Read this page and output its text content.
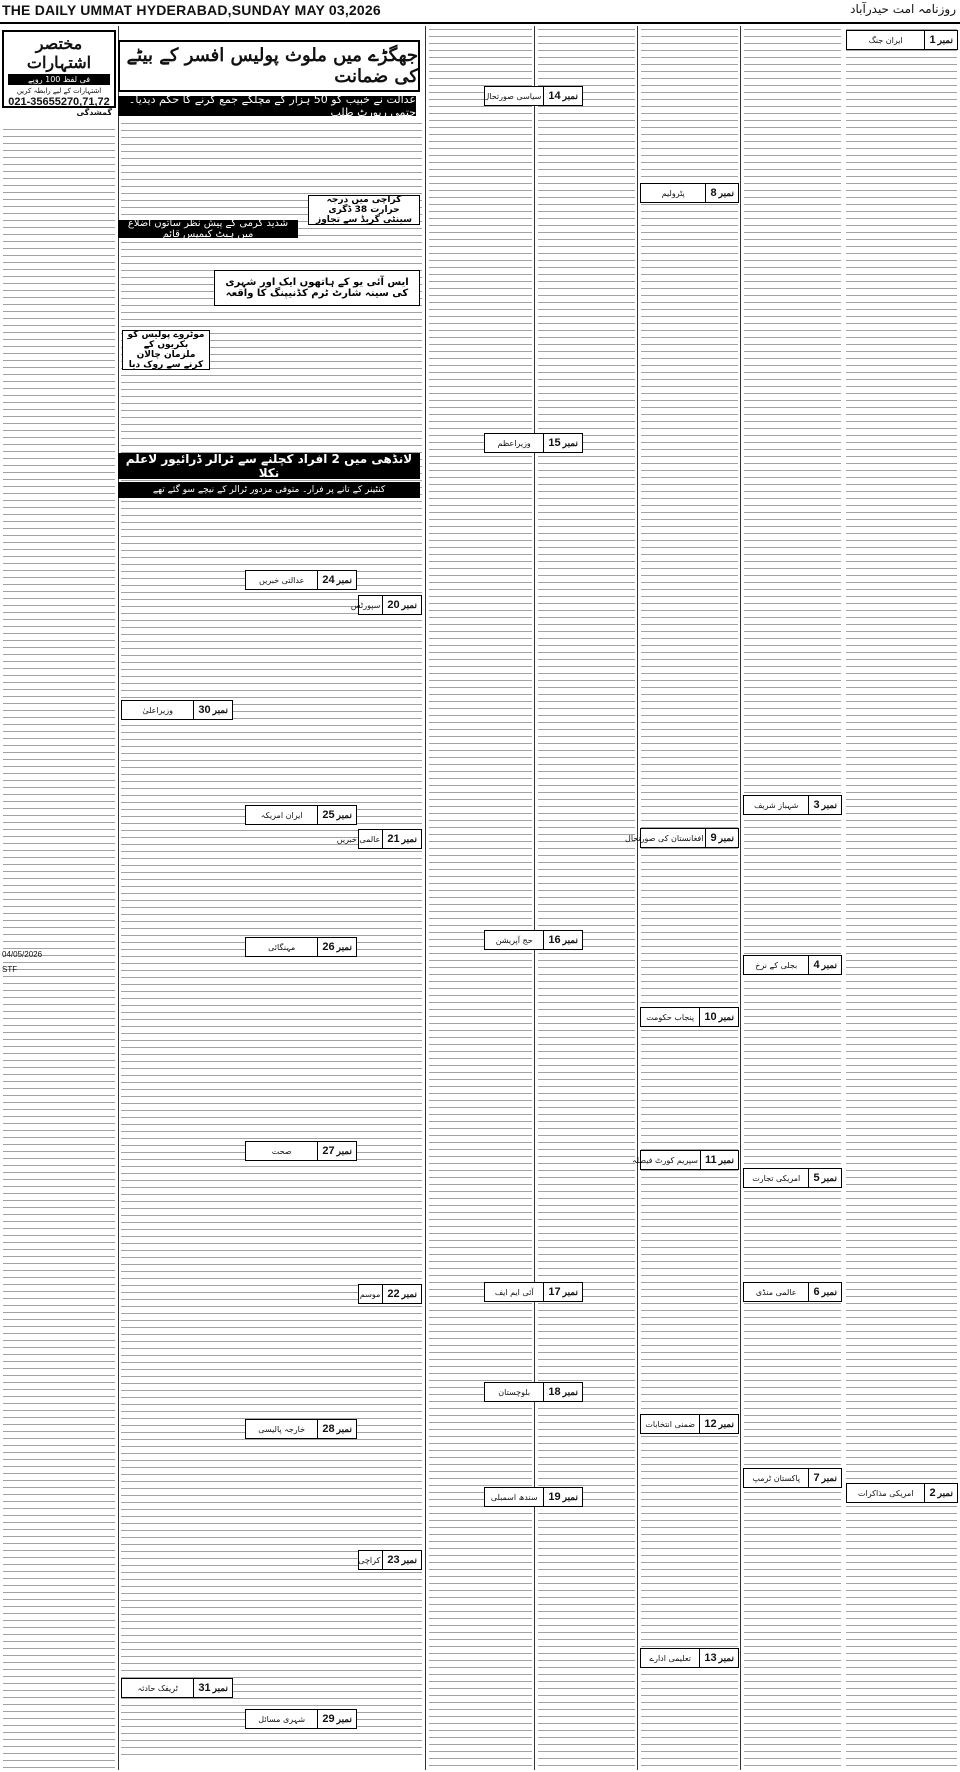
THE DAILY UMMAT HYDERABAD,SUNDAY MAY 03,2026	روزنامہ امت حیدرآباد
جھگڑے میں ملوث پولیس افسر کے بیٹے کی ضمانت
عدالت نے خبیب کو 50 ہزار کے مچلکے جمع کرنے کا حکم دیدیا۔ حتمی رپورٹ طلب
شدید گرمی کے پیش نظر ساتوں اضلاع میں ہیٹ کیمپس قائم
کراچی میں درجہ حرارت 38 ڈگری سینٹی گریڈ سے تجاوز
ایس آئی یو کے ہاتھوں ایک اور شہری کی سینہ شارٹ ٹرم کڈنیپنگ کا واقعہ
لانڈھی میں 2 افراد کچلنے سے ٹرالر ڈرائیور لاعلم نکلا
موٹروے پولیس کو بکریوں کے ملزمان چالان کرنے سے روک دیا
کنٹینر کے تانے پر فرار۔ متوفی مزدور ٹرالر کے نیچے سو گئے تھے
مختصر اشتہارات
فی لفظ 100 روپے
اشتہارات کے لیے رابطہ کریں
021-35655270,71,72
گمشدگی
04/05/2026
STF
1 نمبر
ایران جنگ
2 نمبر
امریکی مذاکرات
3 نمبر
شہباز شریف
4 نمبر
بجلی کے نرخ
5 نمبر
امریکی تجارت
6 نمبر
عالمی منڈی
7 نمبر
پاکستان ٹرمپ
8 نمبر
پٹرولیم
9 نمبر
افغانستان کی صورتحال
10 نمبر
پنجاب حکومت
11 نمبر
سپریم کورٹ فیصلہ
12 نمبر
ضمنی انتخابات
13 نمبر
تعلیمی ادارے
14 نمبر
سیاسی صورتحال
15 نمبر
وزیراعظم
16 نمبر
حج آپریشن
17 نمبر
آئی ایم ایف
18 نمبر
بلوچستان
19 نمبر
سندھ اسمبلی
20 نمبر
سپورٹس
21 نمبر
عالمی خبریں
22 نمبر
موسم
23 نمبر
کراچی
24 نمبر
عدالتی خبریں
25 نمبر
ایران امریکہ
26 نمبر
مہنگائی
27 نمبر
صحت
28 نمبر
خارجہ پالیسی
29 نمبر
شہری مسائل
30 نمبر
وزیراعلیٰ
31 نمبر
ٹریفک حادثہ
